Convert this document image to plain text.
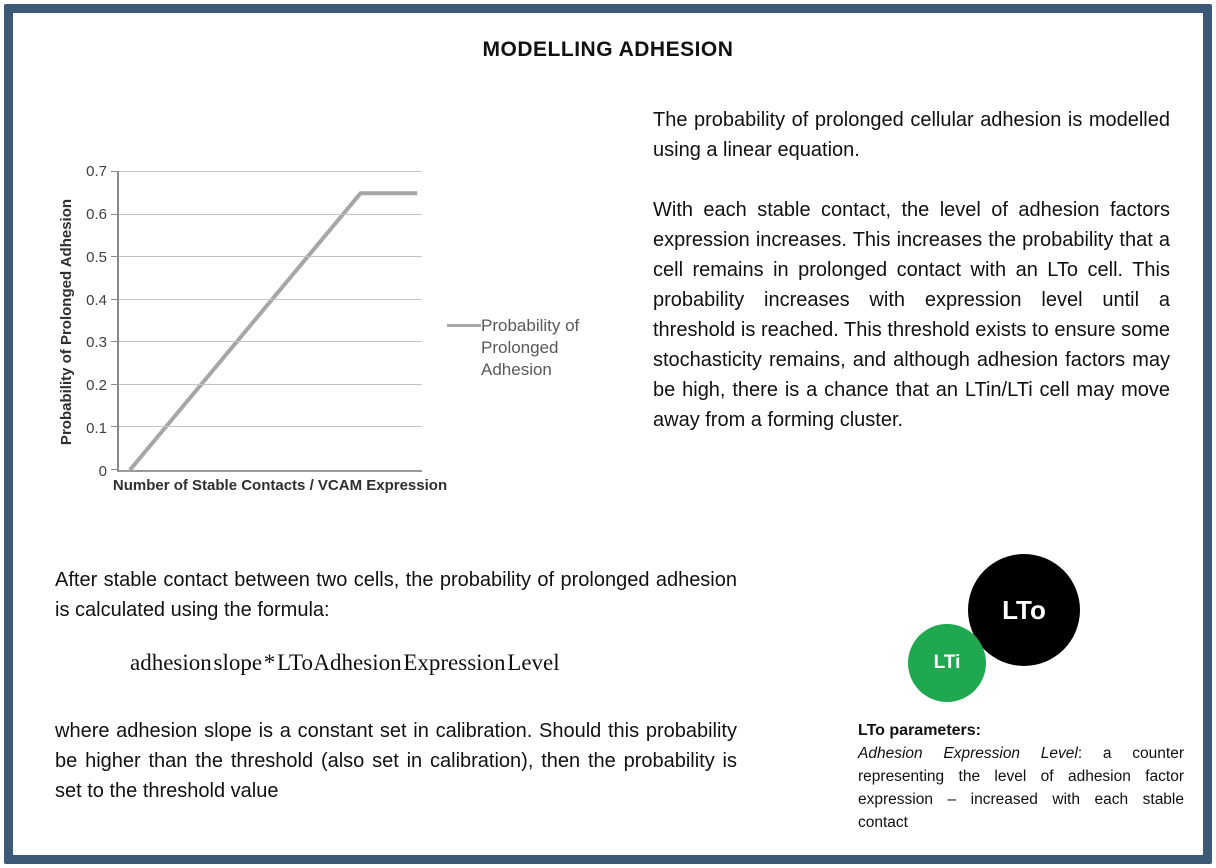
MODELLING ADHESION
Probability of Prolonged Adhesion
0
0.1
0.2
0.3
0.4
0.5
0.6
0.7
Number of Stable Contacts / VCAM Expression
Probability of Prolonged Adhesion

The probability of prolonged cellular adhesion is modelled using a linear equation.

With each stable contact, the level of adhesion factors expression increases. This increases the probability that a cell remains in prolonged contact with an LTo cell. This probability increases with expression level until a threshold is reached. This threshold exists to ensure some stochasticity remains, and although adhesion factors may be high, there is a chance that an LTin/LTi cell may move away from a forming cluster.

After stable contact between two cells, the probability of prolonged adhesion is calculated using the formula:
adhesion slope * LTo Adhesion Expression Level
where adhesion slope is a constant set in calibration. Should this probability be higher than the threshold (also set in calibration), then the probability is set to the threshold value
LTo
LTi
LTo parameters:
Adhesion Expression Level: a counter representing the level of adhesion factor expression – increased with each stable contact
